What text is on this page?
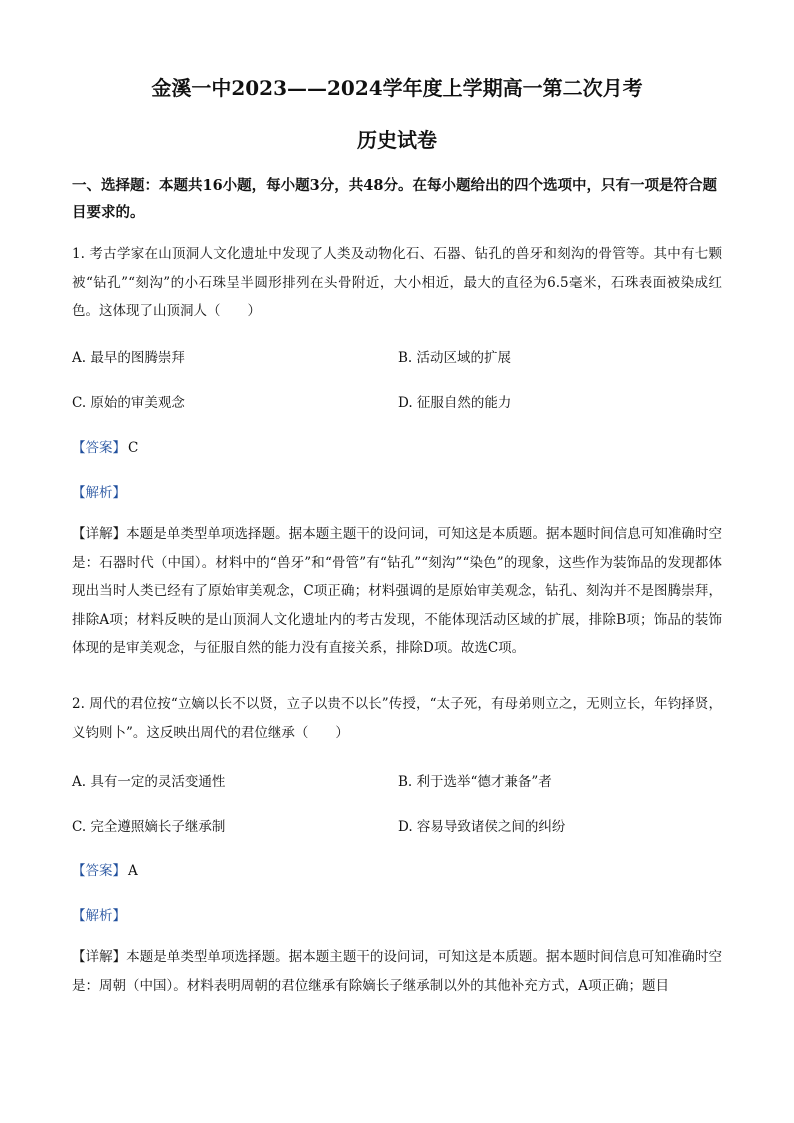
金溪一中2023——2024学年度上学期高一第二次月考
历史试卷
一、选择题：本题共16小题，每小题3分，共48分。在每小题给出的四个选项中，只有一项是符合题目要求的。
1. 考古学家在山顶洞人文化遗址中发现了人类及动物化石、石器、钻孔的兽牙和刻沟的骨管等。其中有七颗被“钻孔”“刻沟”的小石珠呈半圆形排列在头骨附近，大小相近，最大的直径为6.5毫米，石珠表面被染成红色。这体现了山顶洞人（　　）
A. 最早的图腾崇拜	B. 活动区域的扩展
C. 原始的审美观念	D. 征服自然的能力
【答案】 C
【解析】
【详解】本题是单类型单项选择题。据本题主题干的设问词，可知这是本质题。据本题时间信息可知准确时空是：石器时代（中国）。材料中的“兽牙”和“骨管”有“钻孔”“刻沟”“染色”的现象，这些作为装饰品的发现都体现出当时人类已经有了原始审美观念，C项正确；材料强调的是原始审美观念，钻孔、刻沟并不是图腾崇拜，排除A项；材料反映的是山顶洞人文化遗址内的考古发现，不能体现活动区域的扩展，排除B项；饰品的装饰体现的是审美观念，与征服自然的能力没有直接关系，排除D项。故选C项。
2. 周代的君位按“立嫡以长不以贤，立子以贵不以长”传授，“太子死，有母弟则立之，无则立长，年钧择贤，义钧则卜”。这反映出周代的君位继承（　　）
A. 具有一定的灵活变通性	B. 利于选举“德才兼备”者
C. 完全遵照嫡长子继承制	D. 容易导致诸侯之间的纠纷
【答案】 A
【解析】
【详解】本题是单类型单项选择题。据本题主题干的设问词，可知这是本质题。据本题时间信息可知准确时空是：周朝（中国）。材料表明周朝的君位继承有除嫡长子继承制以外的其他补充方式，A项正确；题目
